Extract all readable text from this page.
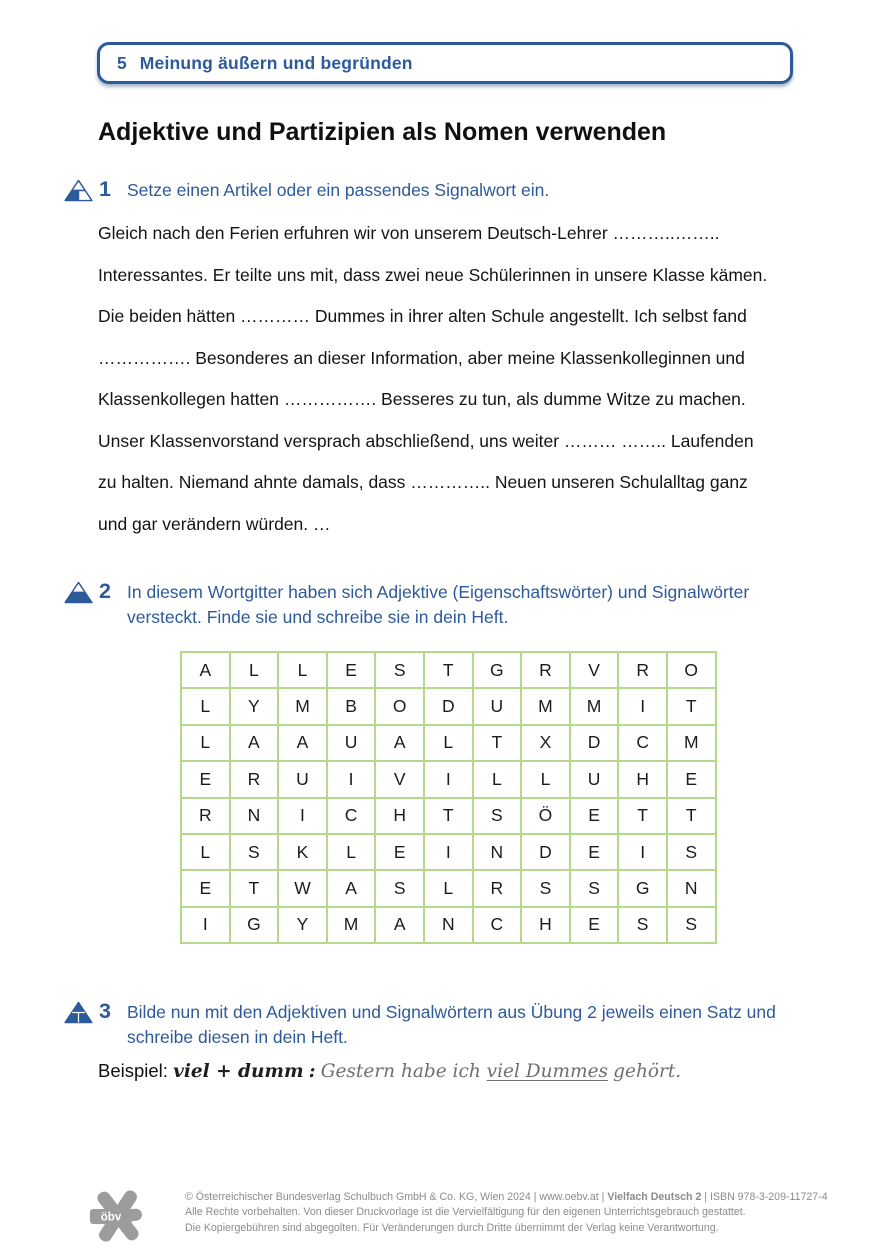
5 Meinung äußern und begründen
Adjektive und Partizipien als Nomen verwenden
1 Setze einen Artikel oder ein passendes Signalwort ein.
Gleich nach den Ferien erfuhren wir von unserem Deutsch-Lehrer ………..……..
Interessantes. Er teilte uns mit, dass zwei neue Schülerinnen in unsere Klasse kämen.
Die beiden hätten ………… Dummes in ihrer alten Schule angestellt. Ich selbst fand
……………. Besonderes an dieser Information, aber meine Klassenkolleginnen und
Klassenkollegen hatten ……………. Besseres zu tun, als dumme Witze zu machen.
Unser Klassenvorstand versprach abschließend, uns weiter ……… …….. Laufenden
zu halten. Niemand ahnte damals, dass ………….. Neuen unseren Schulalltag ganz
und gar verändern würden. …
2 In diesem Wortgitter haben sich Adjektive (Eigenschaftswörter) und Signalwörter versteckt. Finde sie und schreibe sie in dein Heft.
A	L	L	E	S	T	G	R	V	R	O
L	Y	M	B	O	D	U	M	M	I	T
L	A	A	U	A	L	T	X	D	C	M
E	R	U	I	V	I	L	L	U	H	E
R	N	I	C	H	T	S	Ö	E	T	T
L	S	K	L	E	I	N	D	E	I	S
E	T	W	A	S	L	R	S	S	G	N
I	G	Y	M	A	N	C	H	E	S	S
3 Bilde nun mit den Adjektiven und Signalwörtern aus Übung 2 jeweils einen Satz und schreibe diesen in dein Heft.
Beispiel: viel + dumm : Gestern habe ich viel Dummes gehört.
öbv
© Österreichischer Bundesverlag Schulbuch GmbH & Co. KG, Wien 2024 | www.oebv.at | Vielfach Deutsch 2 | ISBN 978-3-209-11727-4
Alle Rechte vorbehalten. Von dieser Druckvorlage ist die Vervielfältigung für den eigenen Unterrichtsgebrauch gestattet.
Die Kopiergebühren sind abgegolten. Für Veränderungen durch Dritte übernimmt der Verlag keine Verantwortung.
